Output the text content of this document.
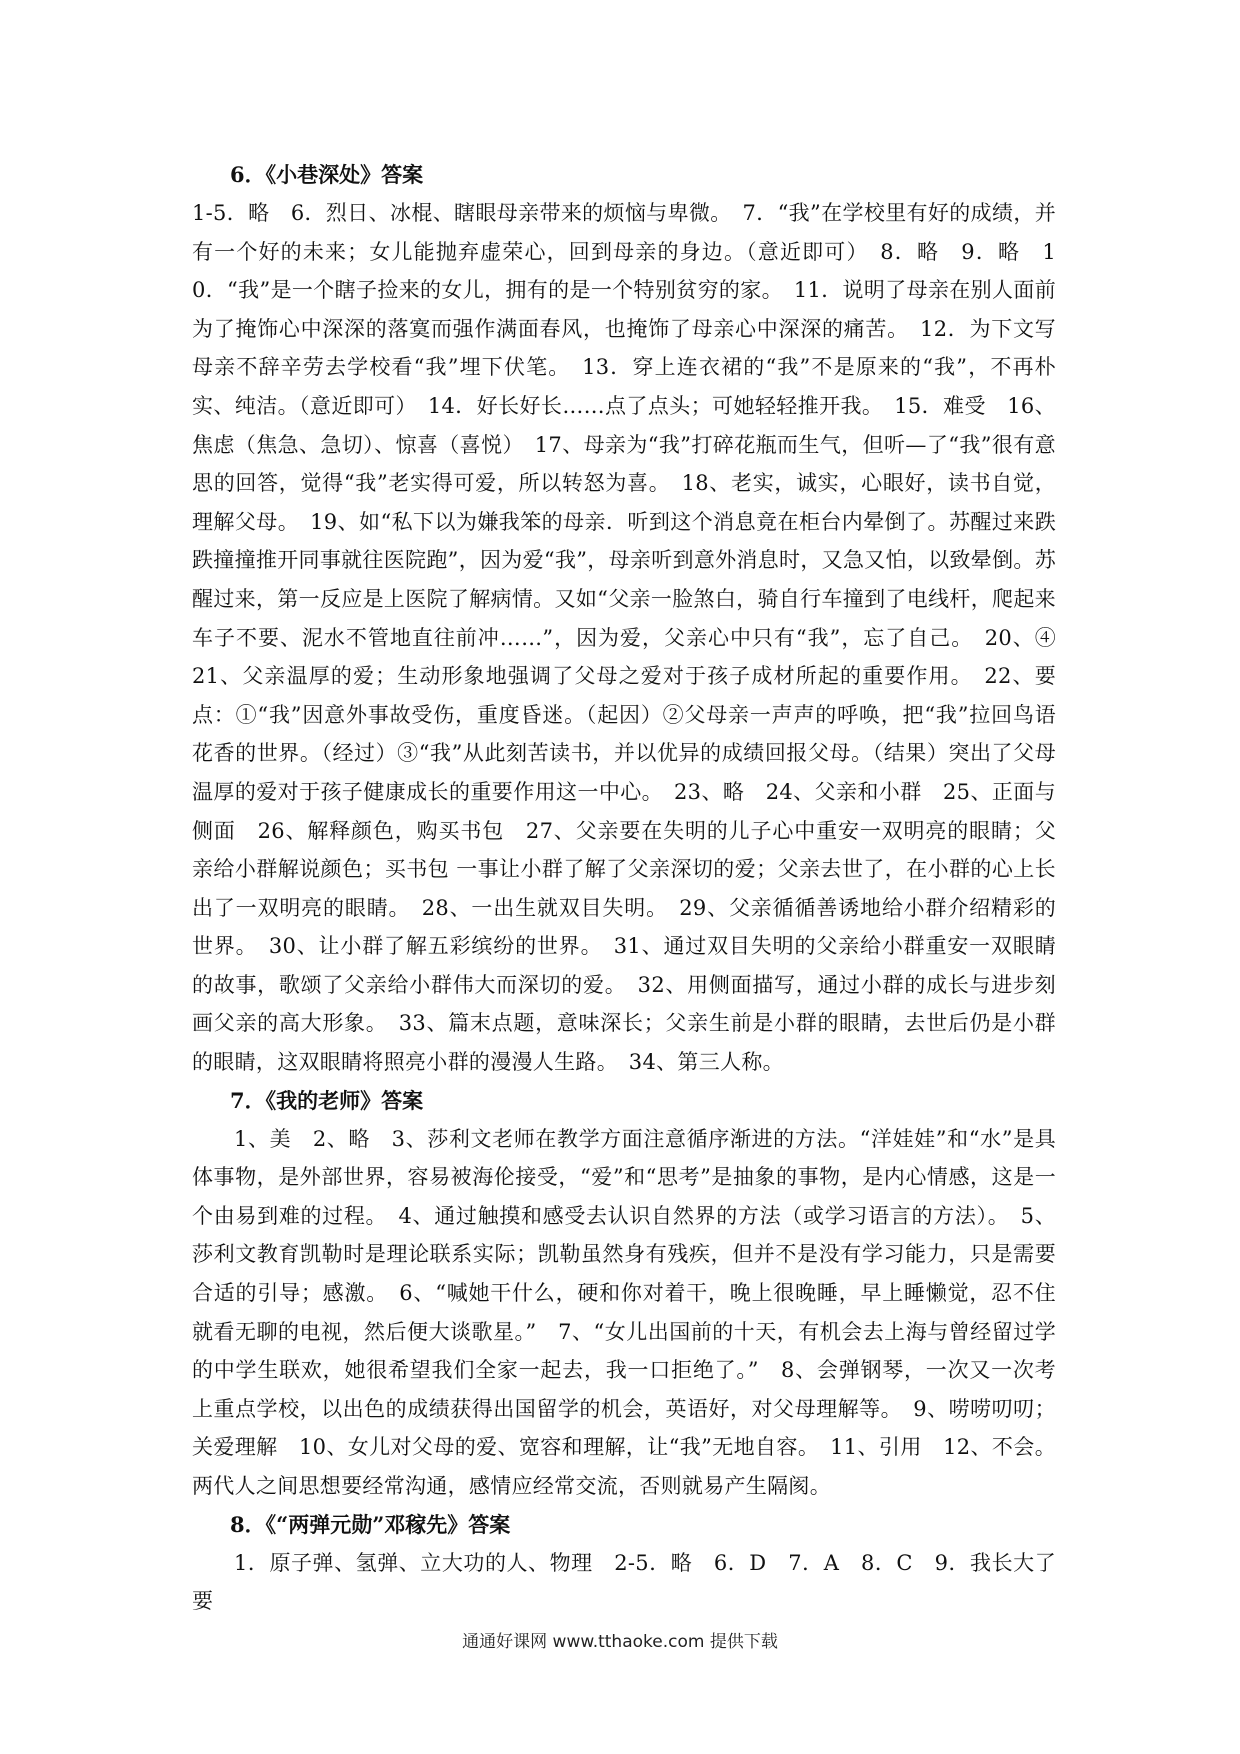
6．《小巷深处》答案

1-5．略　6．烈日、冰棍、瞎眼母亲带来的烦恼与卑微。　7．“我”在学校里有好的成绩，并有一个好的未来；女儿能抛弃虚荣心，回到母亲的身边。（意近即可）　8．略　9．略　10．“我”是一个瞎子捡来的女儿，拥有的是一个特别贫穷的家。　11．说明了母亲在别人面前为了掩饰心中深深的落寞而强作满面春风，也掩饰了母亲心中深深的痛苦。　12．为下文写母亲不辞辛劳去学校看“我”埋下伏笔。　13．穿上连衣裙的“我”不是原来的“我”，不再朴实、纯洁。（意近即可）　14．好长好长……点了点头；可她轻轻推开我。　15．难受　16、焦虑（焦急、急切）、惊喜（喜悦）　17、母亲为“我”打碎花瓶而生气，但听—了“我”很有意思的回答，觉得“我”老实得可爱，所以转怒为喜。　18、老实，诚实，心眼好，读书自觉，理解父母。　19、如“私下以为嫌我笨的母亲．听到这个消息竟在柜台内晕倒了。苏醒过来跌跌撞撞推开同事就往医院跑”，因为爱“我”，母亲听到意外消息时，又急又怕，以致晕倒。苏醒过来，第一反应是上医院了解病情。又如“父亲一脸煞白，骑自行车撞到了电线杆，爬起来车子不要、泥水不管地直往前冲……”，因为爱，父亲心中只有“我”，忘了自己。　20、④　21、父亲温厚的爱；生动形象地强调了父母之爱对于孩子成材所起的重要作用。　22、要点：①“我”因意外事故受伤，重度昏迷。（起因）②父母亲一声声的呼唤，把“我”拉回鸟语花香的世界。（经过）③“我”从此刻苦读书，并以优异的成绩回报父母。（结果）突出了父母温厚的爱对于孩子健康成长的重要作用这一中心。　23、略　24、父亲和小群　25、正面与侧面　26、解释颜色，购买书包　27、父亲要在失明的儿子心中重安一双明亮的眼睛；父亲给小群解说颜色；买书包 一事让小群了解了父亲深切的爱；父亲去世了，在小群的心上长出了一双明亮的眼睛。　28、一出生就双目失明。　29、父亲循循善诱地给小群介绍精彩的世界。　30、让小群了解五彩缤纷的世界。　31、通过双目失明的父亲给小群重安一双眼睛的故事，歌颂了父亲给小群伟大而深切的爱。　32、用侧面描写，通过小群的成长与进步刻画父亲的高大形象。　33、篇末点题，意味深长；父亲生前是小群的眼睛，去世后仍是小群的眼睛，这双眼睛将照亮小群的漫漫人生路。　34、第三人称。

7．《我的老师》答案

1、美　2、略　3、莎利文老师在教学方面注意循序渐进的方法。“洋娃娃”和“水”是具体事物，是外部世界，容易被海伦接受，“爱”和“思考”是抽象的事物，是内心情感，这是一个由易到难的过程。　4、通过触摸和感受去认识自然界的方法（或学习语言的方法）。　5、莎利文教育凯勒时是理论联系实际；凯勒虽然身有残疾，但并不是没有学习能力，只是需要合适的引导；感激。　6、“喊她干什么，硬和你对着干，晚上很晚睡，早上睡懒觉，忍不住就看无聊的电视，然后便大谈歌星。”　7、“女儿出国前的十天，有机会去上海与曾经留过学的中学生联欢，她很希望我们全家一起去，我一口拒绝了。”　8、会弹钢琴，一次又一次考上重点学校，以出色的成绩获得出国留学的机会，英语好，对父母理解等。　9、唠唠叨叨；关爱理解　10、女儿对父母的爱、宽容和理解，让“我”无地自容。　11、引用　12、不会。两代人之间思想要经常沟通，感情应经常交流，否则就易产生隔阂。

8．《“两弹元勋”邓稼先》答案

1．原子弹、氢弹、立大功的人、物理　2-5．略　6．D　7．A　8．C　9．我长大了要

通通好课网 www.tthaoke.com 提供下载
